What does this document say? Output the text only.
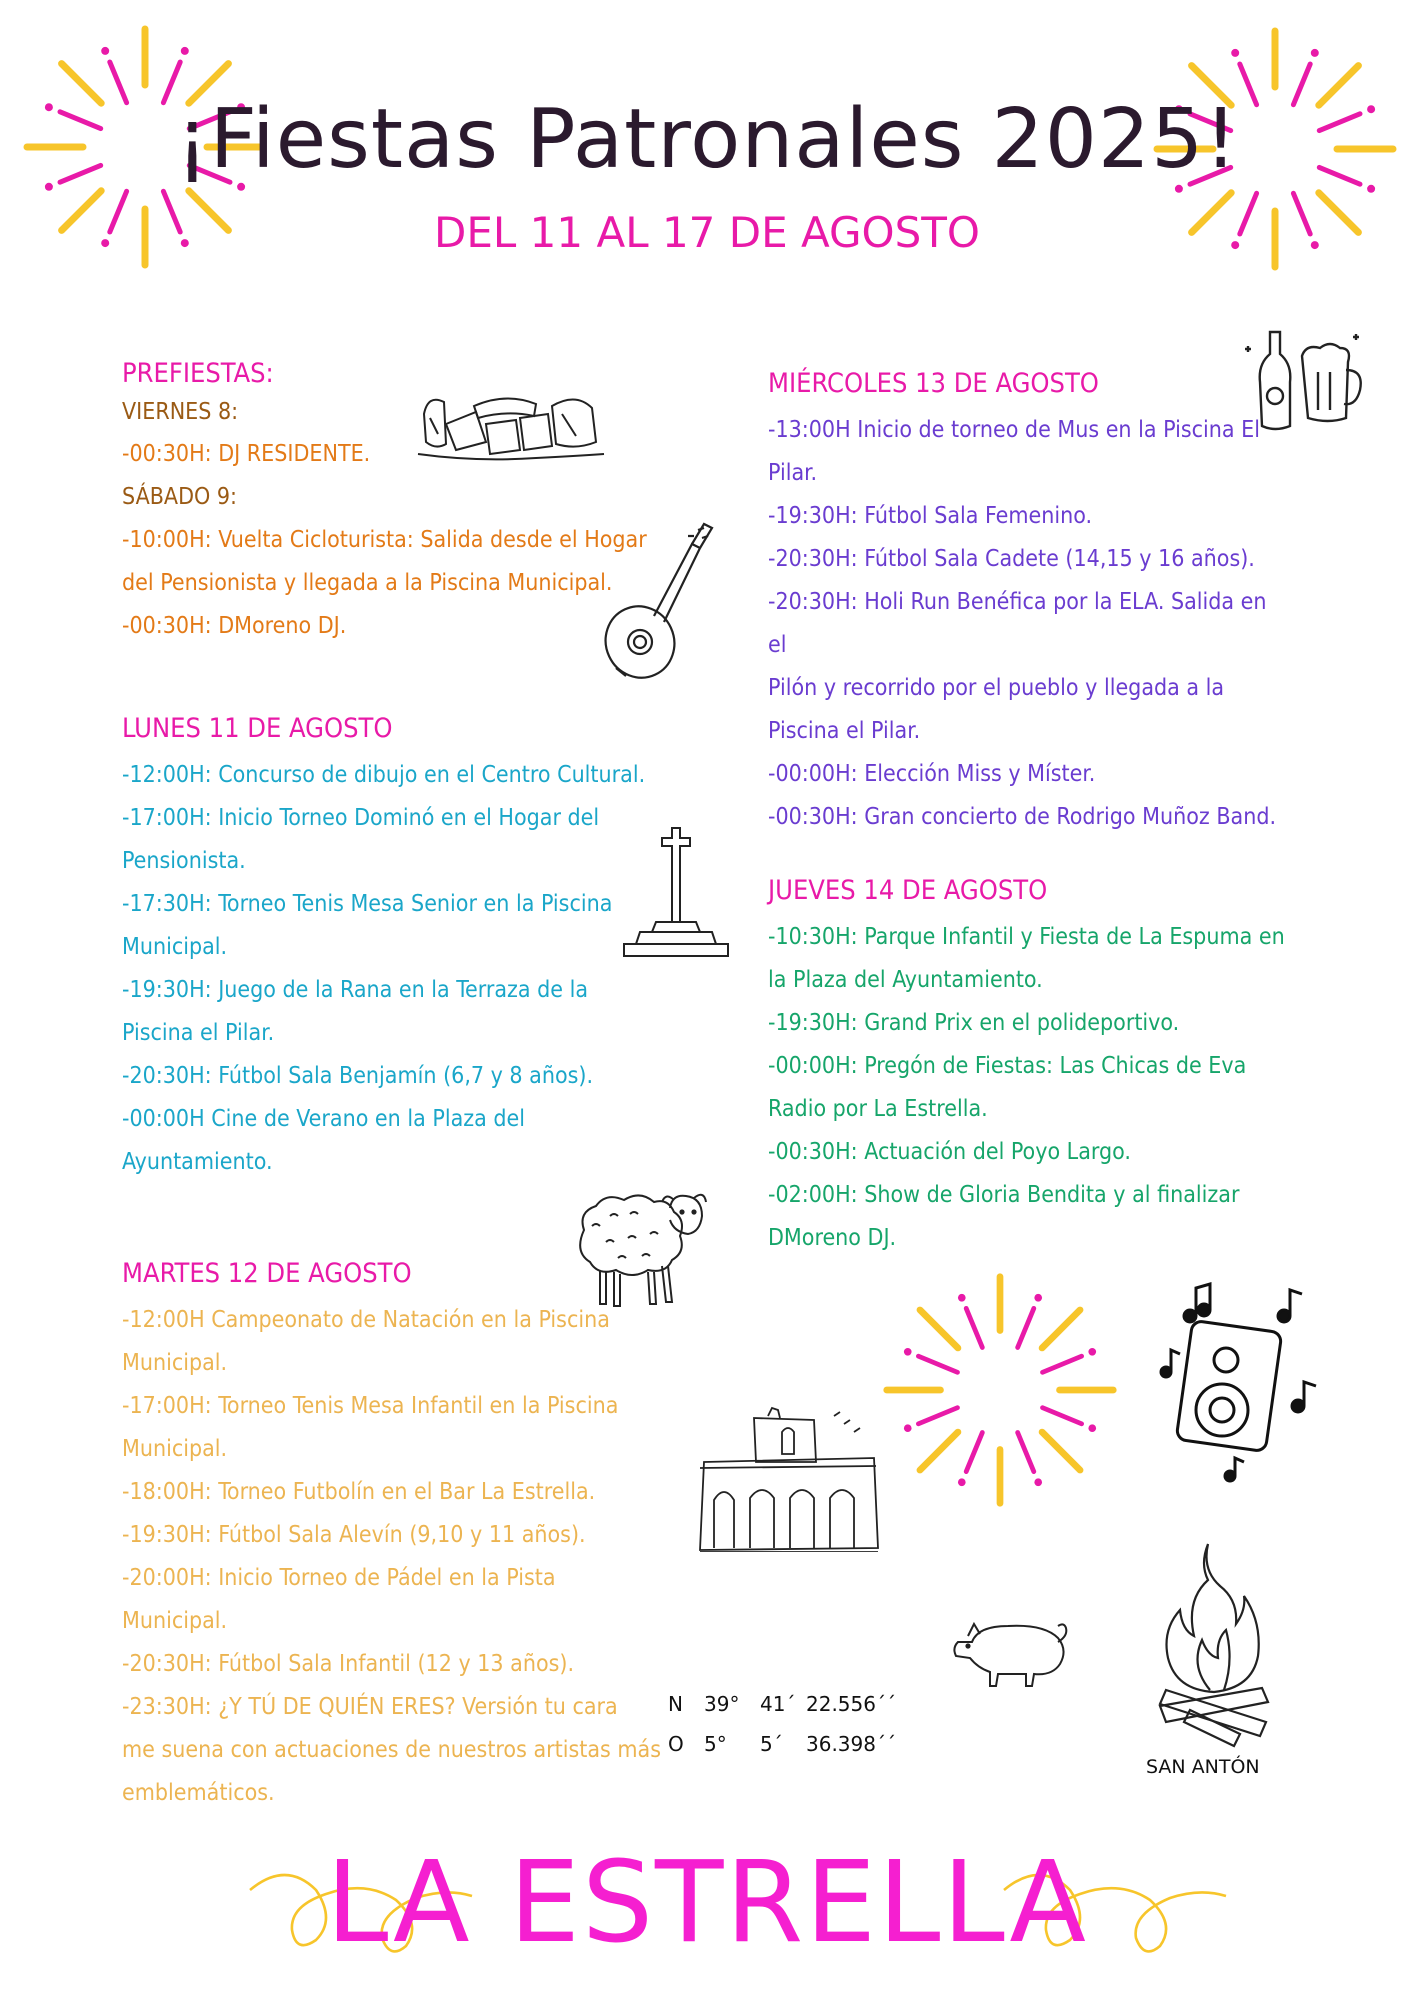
¡Fiestas Patronales 2025!
DEL 11 AL 17 DE AGOSTO
PREFIESTAS:
VIERNES 8:
-00:30H: DJ RESIDENTE.
SÁBADO 9:
-10:00H: Vuelta Cicloturista: Salida desde el Hogar
del Pensionista y llegada a la Piscina Municipal.
-00:30H: DMoreno DJ.
LUNES 11 DE AGOSTO
-12:00H: Concurso de dibujo en el Centro Cultural.
-17:00H: Inicio Torneo Dominó en el Hogar del
Pensionista.
-17:30H: Torneo Tenis Mesa Senior en la Piscina
Municipal.
-19:30H: Juego de la Rana en la Terraza de la
Piscina el Pilar.
-20:30H: Fútbol Sala Benjamín (6,7 y 8 años).
-00:00H Cine de Verano en la Plaza del
Ayuntamiento.
MARTES 12 DE AGOSTO
-12:00H Campeonato de Natación en la Piscina
Municipal.
-17:00H: Torneo Tenis Mesa Infantil en la Piscina
Municipal.
-18:00H: Torneo Futbolín en el Bar La Estrella.
-19:30H: Fútbol Sala Alevín (9,10 y 11 años).
-20:00H: Inicio Torneo de Pádel en la Pista
Municipal.
-20:30H: Fútbol Sala Infantil (12 y 13 años).
-23:30H: ¿Y TÚ DE QUIÉN ERES? Versión tu cara
me suena con actuaciones de nuestros artistas más
emblemáticos.
MIÉRCOLES 13 DE AGOSTO
-13:00H Inicio de torneo de Mus en la Piscina El
Pilar.
-19:30H: Fútbol Sala Femenino.
-20:30H: Fútbol Sala Cadete (14,15 y 16 años).
-20:30H: Holi Run Benéfica por la ELA. Salida en el
Pilón y recorrido por el pueblo y llegada a la
Piscina el Pilar.
-00:00H: Elección Miss y Míster.
-00:30H: Gran concierto de Rodrigo Muñoz Band.
JUEVES 14 DE AGOSTO
-10:30H: Parque Infantil y Fiesta de La Espuma en
la Plaza del Ayuntamiento.
-19:30H: Grand Prix en el polideportivo.
-00:00H: Pregón de Fiestas: Las Chicas de Eva
Radio por La Estrella.
-00:30H: Actuación del Poyo Largo.
-02:00H: Show de Gloria Bendita y al finalizar
DMoreno DJ.
N 39° 41´ 22.556´´
O 5° 5´ 36.398´´
SAN ANTÓN
LA ESTRELLA
